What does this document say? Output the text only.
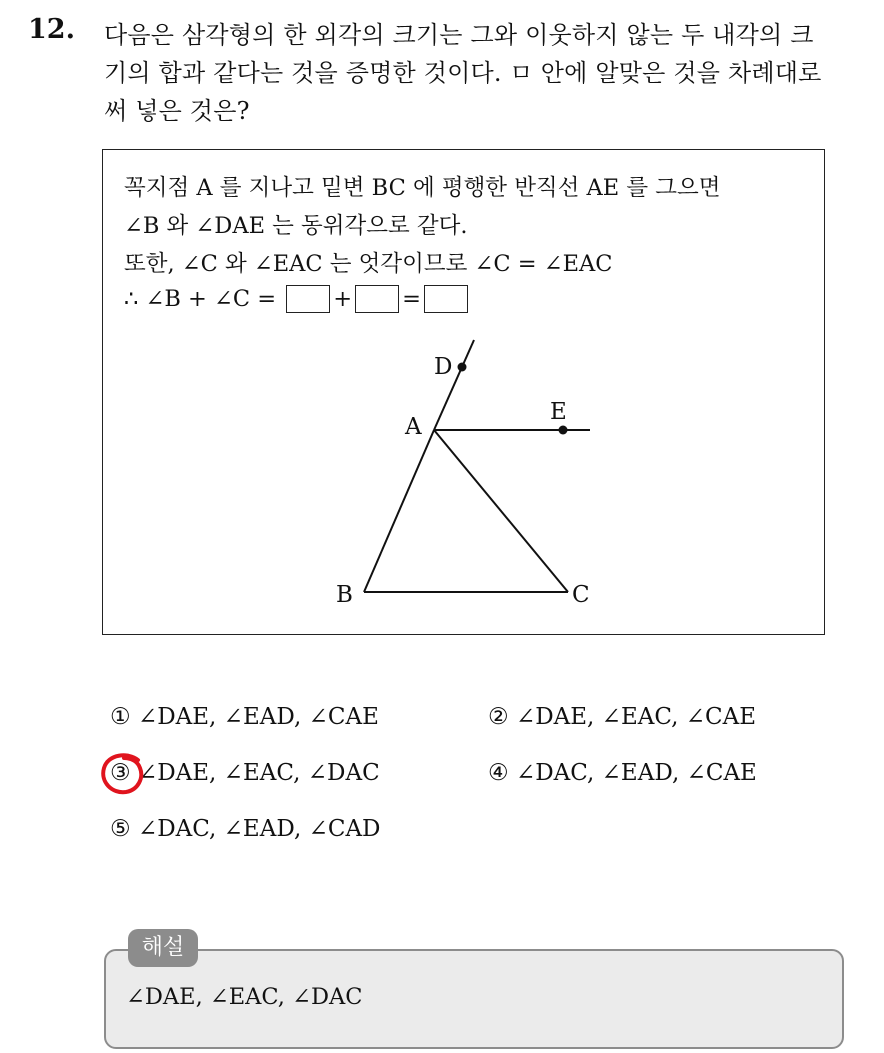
12. 다음은 삼각형의 한 외각의 크기는 그와 이웃하지 않는 두 내각의 크
기의 합과 같다는 것을 증명한 것이다. ㅁ 안에 알맞은 것을 차례대로
써 넣은 것은?
꼭지점 A 를 지나고 밑변 BC 에 평행한 반직선 AE 를 그으면
∠B 와 ∠DAE 는 동위각으로 같다.
또한, ∠C 와 ∠EAC 는 엇각이므로 ∠C = ∠EAC
∴ ∠B + ∠C =	+ =
D
E
A
B	C
① ∠DAE, ∠EAD, ∠CAE	② ∠DAE, ∠EAC, ∠CAE
③ ∠DAE, ∠EAC, ∠DAC	④ ∠DAC, ∠EAD, ∠CAE
⑤ ∠DAC, ∠EAD, ∠CAD
해설
∠DAE, ∠EAC, ∠DAC
